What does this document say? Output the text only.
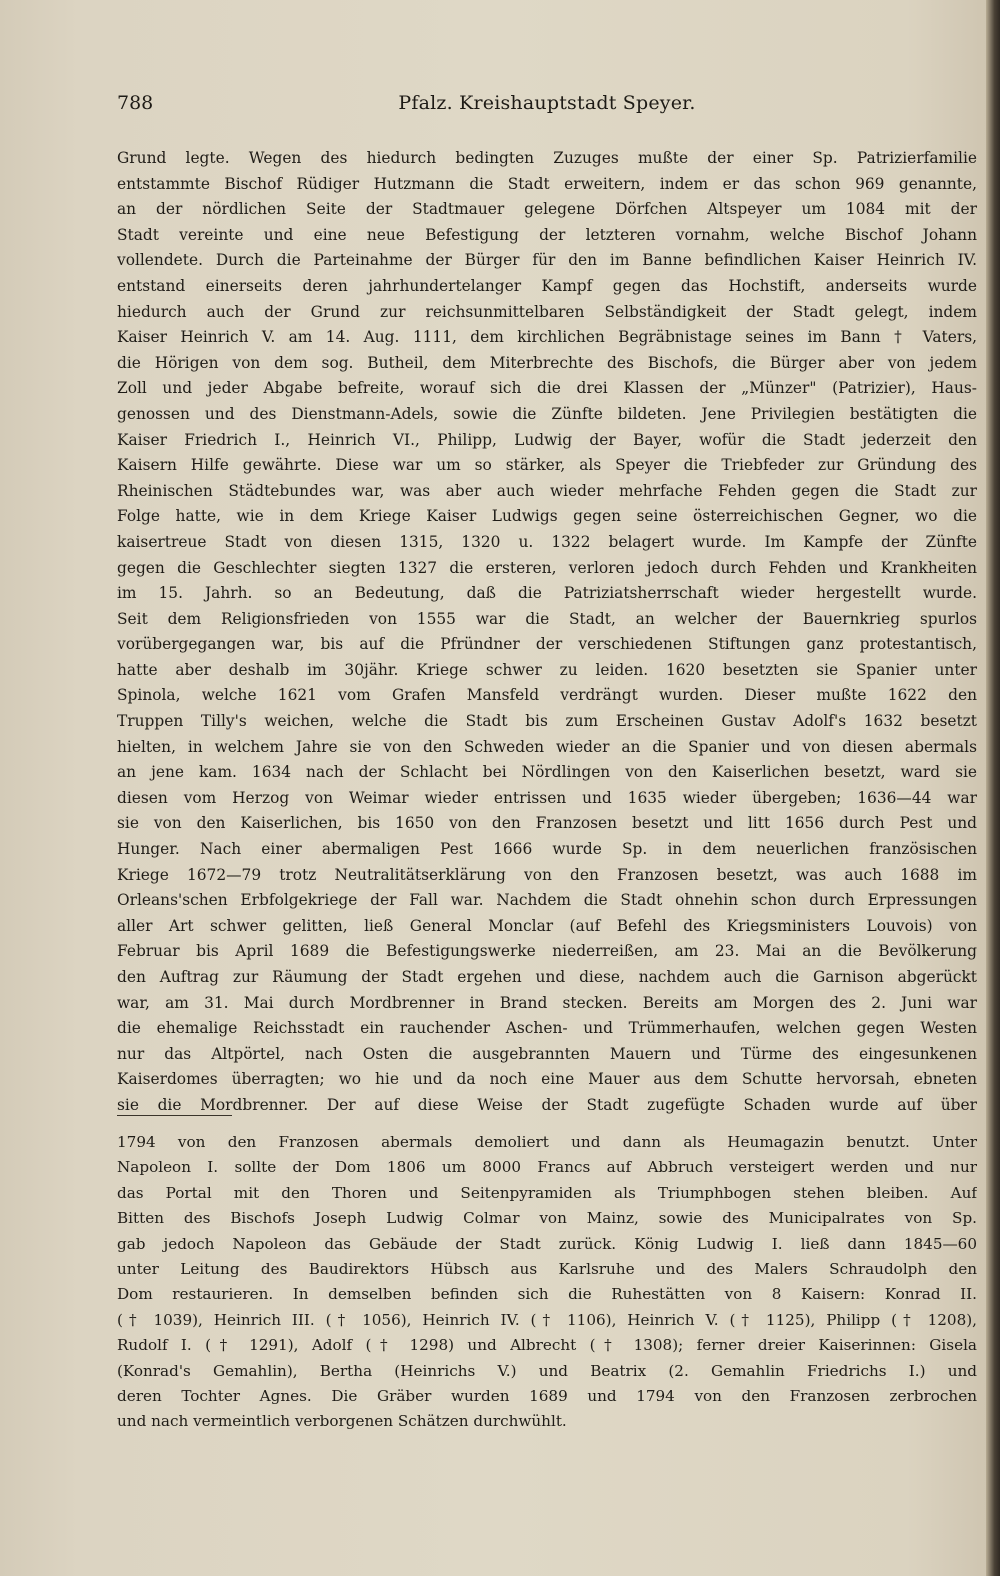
Pfalz. Kreishauptstadt Speyer.
788
Grund legte. Wegen des hiedurch bedingten Zuzuges mußte der einer Sp. Patrizierfamilie
entstammte Bischof Rüdiger Hutzmann die Stadt erweitern, indem er das schon 969 genannte,
an der nördlichen Seite der Stadtmauer gelegene Dörfchen Altspeyer um 1084 mit der
Stadt vereinte und eine neue Befestigung der letzteren vornahm, welche Bischof Johann
vollendete. Durch die Parteinahme der Bürger für den im Banne befindlichen Kaiser Heinrich IV.
entstand einerseits deren jahrhundertelanger Kampf gegen das Hochstift, anderseits wurde
hiedurch auch der Grund zur reichsunmittelbaren Selbständigkeit der Stadt gelegt, indem
Kaiser Heinrich V. am 14. Aug. 1111, dem kirchlichen Begräbnistage seines im Bann † Vaters,
die Hörigen von dem sog. Butheil, dem Miterbrechte des Bischofs, die Bürger aber von jedem
Zoll und jeder Abgabe befreite, worauf sich die drei Klassen der „Münzer" (Patrizier), Haus-
genossen und des Dienstmann-Adels, sowie die Zünfte bildeten. Jene Privilegien bestätigten die
Kaiser Friedrich I., Heinrich VI., Philipp, Ludwig der Bayer, wofür die Stadt jederzeit den
Kaisern Hilfe gewährte. Diese war um so stärker, als Speyer die Triebfeder zur Gründung des
Rheinischen Städtebundes war, was aber auch wieder mehrfache Fehden gegen die Stadt zur
Folge hatte, wie in dem Kriege Kaiser Ludwigs gegen seine österreichischen Gegner, wo die
kaisertreue Stadt von diesen 1315, 1320 u. 1322 belagert wurde. Im Kampfe der Zünfte
gegen die Geschlechter siegten 1327 die ersteren, verloren jedoch durch Fehden und Krankheiten
im 15. Jahrh. so an Bedeutung, daß die Patriziatsherrschaft wieder hergestellt wurde.
Seit dem Religionsfrieden von 1555 war die Stadt, an welcher der Bauernkrieg spurlos
vorübergegangen war, bis auf die Pfründner der verschiedenen Stiftungen ganz protestantisch,
hatte aber deshalb im 30jähr. Kriege schwer zu leiden. 1620 besetzten sie Spanier unter
Spinola, welche 1621 vom Grafen Mansfeld verdrängt wurden. Dieser mußte 1622 den
Truppen Tilly's weichen, welche die Stadt bis zum Erscheinen Gustav Adolf's 1632 besetzt
hielten, in welchem Jahre sie von den Schweden wieder an die Spanier und von diesen abermals
an jene kam. 1634 nach der Schlacht bei Nördlingen von den Kaiserlichen besetzt, ward sie
diesen vom Herzog von Weimar wieder entrissen und 1635 wieder übergeben; 1636—44 war
sie von den Kaiserlichen, bis 1650 von den Franzosen besetzt und litt 1656 durch Pest und
Hunger. Nach einer abermaligen Pest 1666 wurde Sp. in dem neuerlichen französischen
Kriege 1672—79 trotz Neutralitätserklärung von den Franzosen besetzt, was auch 1688 im
Orleans'schen Erbfolgekriege der Fall war. Nachdem die Stadt ohnehin schon durch Erpressungen
aller Art schwer gelitten, ließ General Monclar (auf Befehl des Kriegsministers Louvois) von
Februar bis April 1689 die Befestigungswerke niederreißen, am 23. Mai an die Bevölkerung
den Auftrag zur Räumung der Stadt ergehen und diese, nachdem auch die Garnison abgerückt
war, am 31. Mai durch Mordbrenner in Brand stecken. Bereits am Morgen des 2. Juni war
die ehemalige Reichsstadt ein rauchender Aschen- und Trümmerhaufen, welchen gegen Westen
nur das Altpörtel, nach Osten die ausgebrannten Mauern und Türme des eingesunkenen
Kaiserdomes überragten; wo hie und da noch eine Mauer aus dem Schutte hervorsah, ebneten
sie die Mordbrenner. Der auf diese Weise der Stadt zugefügte Schaden wurde auf über
1794 von den Franzosen abermals demoliert und dann als Heumagazin benutzt. Unter
Napoleon I. sollte der Dom 1806 um 8000 Francs auf Abbruch versteigert werden und nur
das Portal mit den Thoren und Seitenpyramiden als Triumphbogen stehen bleiben. Auf
Bitten des Bischofs Joseph Ludwig Colmar von Mainz, sowie des Municipalrates von Sp.
gab jedoch Napoleon das Gebäude der Stadt zurück. König Ludwig I. ließ dann 1845—60
unter Leitung des Baudirektors Hübsch aus Karlsruhe und des Malers Schraudolph den
Dom restaurieren. In demselben befinden sich die Ruhestätten von 8 Kaisern: Konrad II.
(† 1039), Heinrich III. († 1056), Heinrich IV. († 1106), Heinrich V. († 1125), Philipp († 1208),
Rudolf I. († 1291), Adolf († 1298) und Albrecht († 1308); ferner dreier Kaiserinnen: Gisela
(Konrad's Gemahlin), Bertha (Heinrichs V.) und Beatrix (2. Gemahlin Friedrichs I.) und
deren Tochter Agnes. Die Gräber wurden 1689 und 1794 von den Franzosen zerbrochen
und nach vermeintlich verborgenen Schätzen durchwühlt.
